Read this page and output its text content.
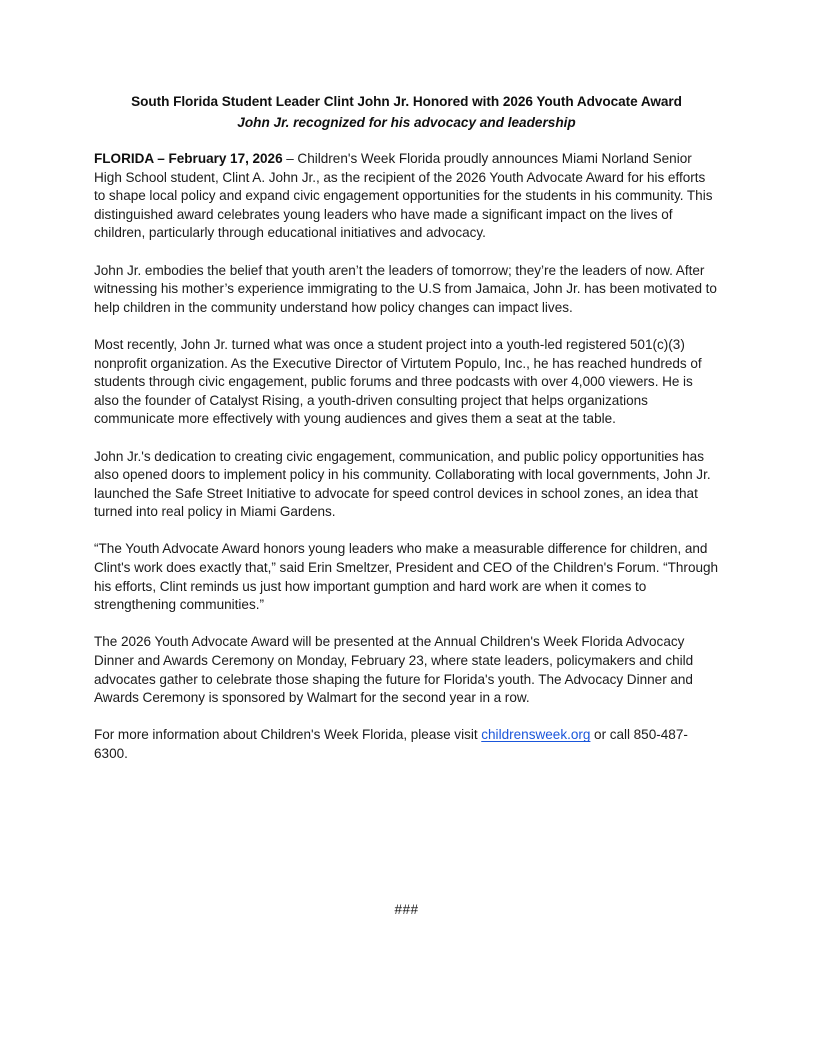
South Florida Student Leader Clint John Jr. Honored with 2026 Youth Advocate Award
John Jr. recognized for his advocacy and leadership

FLORIDA – February 17, 2026 – Children's Week Florida proudly announces Miami Norland Senior High School student, Clint A. John Jr., as the recipient of the 2026 Youth Advocate Award for his efforts to shape local policy and expand civic engagement opportunities for the students in his community. This distinguished award celebrates young leaders who have made a significant impact on the lives of children, particularly through educational initiatives and advocacy.

John Jr. embodies the belief that youth aren’t the leaders of tomorrow; they’re the leaders of now. After witnessing his mother’s experience immigrating to the U.S from Jamaica, John Jr. has been motivated to help children in the community understand how policy changes can impact lives.

Most recently, John Jr. turned what was once a student project into a youth-led registered 501(c)(3) nonprofit organization. As the Executive Director of Virtutem Populo, Inc., he has reached hundreds of students through civic engagement, public forums and three podcasts with over 4,000 viewers. He is also the founder of Catalyst Rising, a youth-driven consulting project that helps organizations communicate more effectively with young audiences and gives them a seat at the table.

John Jr.'s dedication to creating civic engagement, communication, and public policy opportunities has also opened doors to implement policy in his community. Collaborating with local governments, John Jr. launched the Safe Street Initiative to advocate for speed control devices in school zones, an idea that turned into real policy in Miami Gardens.

“The Youth Advocate Award honors young leaders who make a measurable difference for children, and Clint's work does exactly that,” said Erin Smeltzer, President and CEO of the Children's Forum. “Through his efforts, Clint reminds us just how important gumption and hard work are when it comes to strengthening communities.”

The 2026 Youth Advocate Award will be presented at the Annual Children's Week Florida Advocacy Dinner and Awards Ceremony on Monday, February 23, where state leaders, policymakers and child advocates gather to celebrate those shaping the future for Florida's youth. The Advocacy Dinner and Awards Ceremony is sponsored by Walmart for the second year in a row.

For more information about Children's Week Florida, please visit childrensweek.org or call 850-487-6300.

###
